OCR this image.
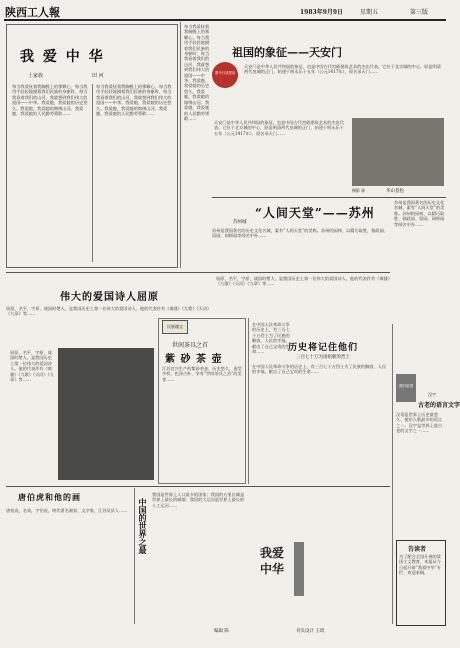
陕西工人報	1983年9月9日	星期五	第三版
我 爱 中 华
土家族	田 河
每当我爱抚着我胸膛上的那颗心，每当我用手轻轻地摸着我们民族的身躯时，每当我看着我们的山河，我就想到我们伟大的祖国——中华。我爱她，我爱她的历史悠久。我爱她，我爱她的锦绣山河。我爱她，我爱她的人民勤劳勇敢……
每当我爱抚着我胸膛上的那颗心，每当我用手轻轻地摸着我们民族的身躯时，每当我看着我们的山河，我就想到我们伟大的祖国——中华。我爱她，我爱她的历史悠久。我爱她，我爱她的锦绣山河。我爱她，我爱她的人民勤劳勇敢……
每当我爱抚着我胸膛上的那颗心，每当我用手轻轻地摸着我们民族的身躯时，每当我看着我们的山河，我就想到我们伟大的祖国——中华。我爱她，我爱她的历史悠久。我爱她，我爱她的锦绣山河。我爱她，我爱她的人民勤劳勇敢……
祖国的象征——天安门
看今日话建设
天安门是中华人民共和国的象征，也是中国古代宫殿建筑艺术的杰出代表。它位于北京城的中心，原是明清两代皇城的正门，始建于明永乐十五年（公元1417年），原名承天门……
天安门是中华人民共和国的象征，也是中国古代宫殿建筑艺术的杰出代表。它位于北京城的中心，原是明清两代皇城的正门，始建于明永乐十五年（公元1417年），原名承天门……
华山苍松
摄影 陈
“人间天堂”——苏州
苏州城
苏州是我国著名的历史文化名城，素有“人间天堂”的美称。苏州的园林，以精巧取胜，拙政园、留园、网师园等闻名中外……
苏州是我国著名的历史文化名城，素有“人间天堂”的美称。苏州的园林，以精巧取胜，拙政园、留园、网师园等闻名中外……
伟大的爱国诗人屈原
屈原，名平，字原，战国时楚人，是我国历史上第一位伟大的爱国诗人。他的代表作有《离骚》《九歌》《天问》《九章》等……
屈原，名平，字原，战国时楚人，是我国历史上第一位伟大的爱国诗人。他的代表作有《离骚》《九歌》《天问》《九章》等……
屈原，名平，字原，战国时楚人，是我国历史上第一位伟大的爱国诗人。他的代表作有《离骚》《九歌》《天问》《九章》等……
民族瑰宝
世间茶具之首
紫 砂 茶 壶
江苏宜兴生产的紫砂茶壶，历史悠久，造型多样，色泽古朴，享有“世间茶具之首”的美誉……
历史将记住他们
三百七十万为国捐躯的烈士
在中国人民革命斗争的历史上，有三百七十万烈士为了民族的解放、人民的幸福，献出了自己宝贵的生命……
在中国人民革命斗争的历史上，有三百七十万烈士为了民族的解放、人民的幸福，献出了自己宝贵的生命……
我的祖国
古老的语言文字
汉字
汉语是世界上历史最悠久、使用人数最多的语言之一。汉字是世界上最古老的文字之一……
唐伯虎和他的画
唐伯虎，名寅，字伯虎，明代著名画家、文学家，江苏吴县人……	中国的世界之最
我国是世界上人口最多的国家；我国的万里长城是世界上最长的城墙；我国的大运河是世界上最长的人工运河……
我爱
中华
刊头设计 王琦
告读者
为了配合全国开展的爱国主义教育，本报从今日起开辟“我爱中华”专栏，欢迎来稿。
编辑 陈
